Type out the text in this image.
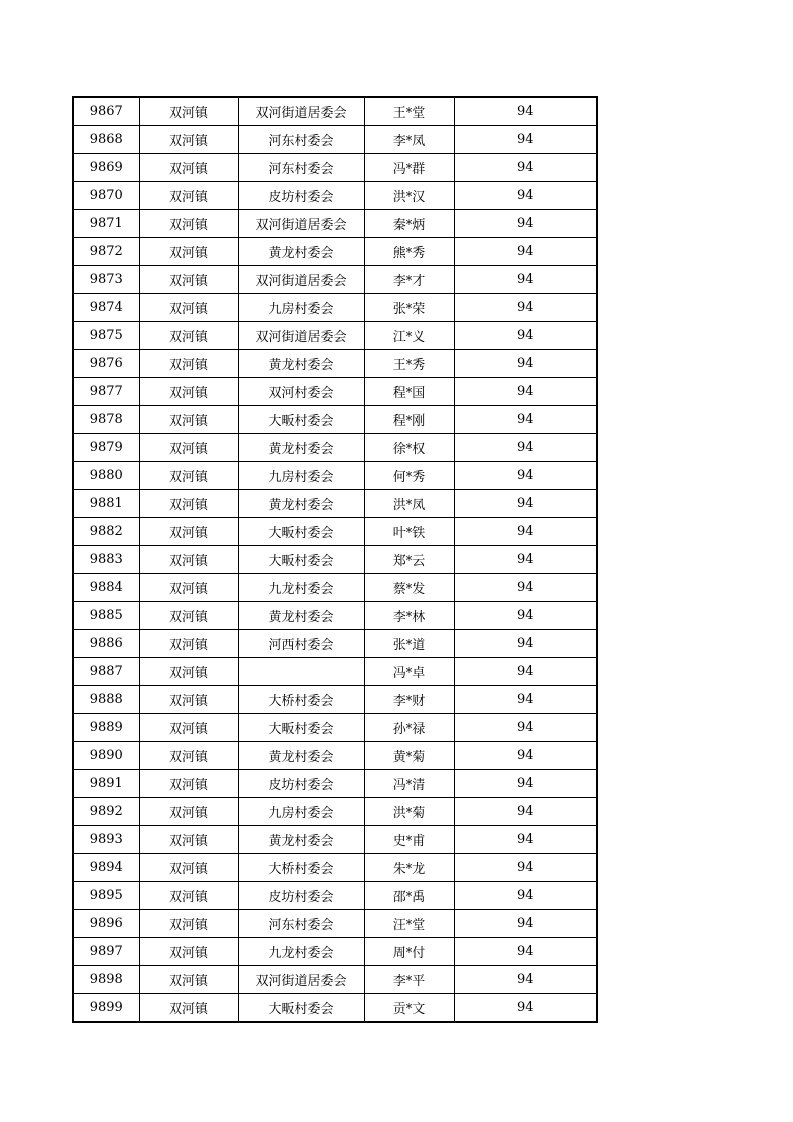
9867	双河镇	双河街道居委会	王*堂	94
9868	双河镇	河东村委会	李*凤	94
9869	双河镇	河东村委会	冯*群	94
9870	双河镇	皮坊村委会	洪*汉	94
9871	双河镇	双河街道居委会	秦*炳	94
9872	双河镇	黄龙村委会	熊*秀	94
9873	双河镇	双河街道居委会	李*才	94
9874	双河镇	九房村委会	张*荣	94
9875	双河镇	双河街道居委会	江*义	94
9876	双河镇	黄龙村委会	王*秀	94
9877	双河镇	双河村委会	程*国	94
9878	双河镇	大畈村委会	程*刚	94
9879	双河镇	黄龙村委会	徐*权	94
9880	双河镇	九房村委会	何*秀	94
9881	双河镇	黄龙村委会	洪*凤	94
9882	双河镇	大畈村委会	叶*铁	94
9883	双河镇	大畈村委会	郑*云	94
9884	双河镇	九龙村委会	蔡*发	94
9885	双河镇	黄龙村委会	李*林	94
9886	双河镇	河西村委会	张*道	94
9887	双河镇		冯*卓	94
9888	双河镇	大桥村委会	李*财	94
9889	双河镇	大畈村委会	孙*禄	94
9890	双河镇	黄龙村委会	黄*菊	94
9891	双河镇	皮坊村委会	冯*清	94
9892	双河镇	九房村委会	洪*菊	94
9893	双河镇	黄龙村委会	史*甫	94
9894	双河镇	大桥村委会	朱*龙	94
9895	双河镇	皮坊村委会	邵*禹	94
9896	双河镇	河东村委会	汪*堂	94
9897	双河镇	九龙村委会	周*付	94
9898	双河镇	双河街道居委会	李*平	94
9899	双河镇	大畈村委会	贡*文	94
